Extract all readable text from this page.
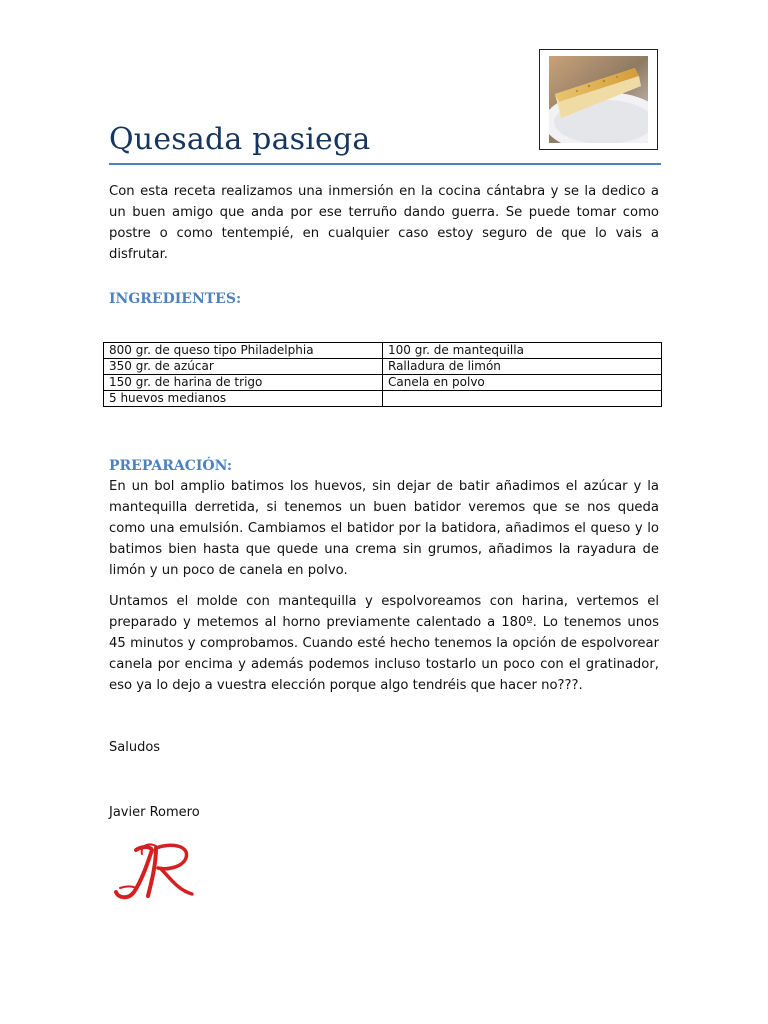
Quesada pasiega

Con esta receta realizamos una inmersión en la cocina cántabra y se la dedico a un buen amigo que anda por ese terruño dando guerra. Se puede tomar como postre o como tentempié, en cualquier caso estoy seguro de que lo vais a disfrutar.

INGREDIENTES:
800 gr. de queso tipo Philadelphia	100 gr. de mantequilla
350 gr. de azúcar	Ralladura de limón
150 gr. de harina de trigo	Canela en polvo
5 huevos medianos	
PREPARACIÓN:

En un bol amplio batimos los huevos, sin dejar de batir añadimos el azúcar y la mantequilla derretida, si tenemos un buen batidor veremos que se nos queda como una emulsión. Cambiamos el batidor por la batidora, añadimos el queso y lo batimos bien hasta que quede una crema sin grumos, añadimos la rayadura de limón y un poco de canela en polvo.

Untamos el molde con mantequilla y espolvoreamos con harina, vertemos el preparado y metemos al horno previamente calentado a 180º. Lo tenemos unos 45 minutos y comprobamos. Cuando esté hecho tenemos la opción de espolvorear canela por encima y además podemos incluso tostarlo un poco con el gratinador, eso ya lo dejo a vuestra elección porque algo tendréis que hacer no???.

Saludos

Javier Romero
